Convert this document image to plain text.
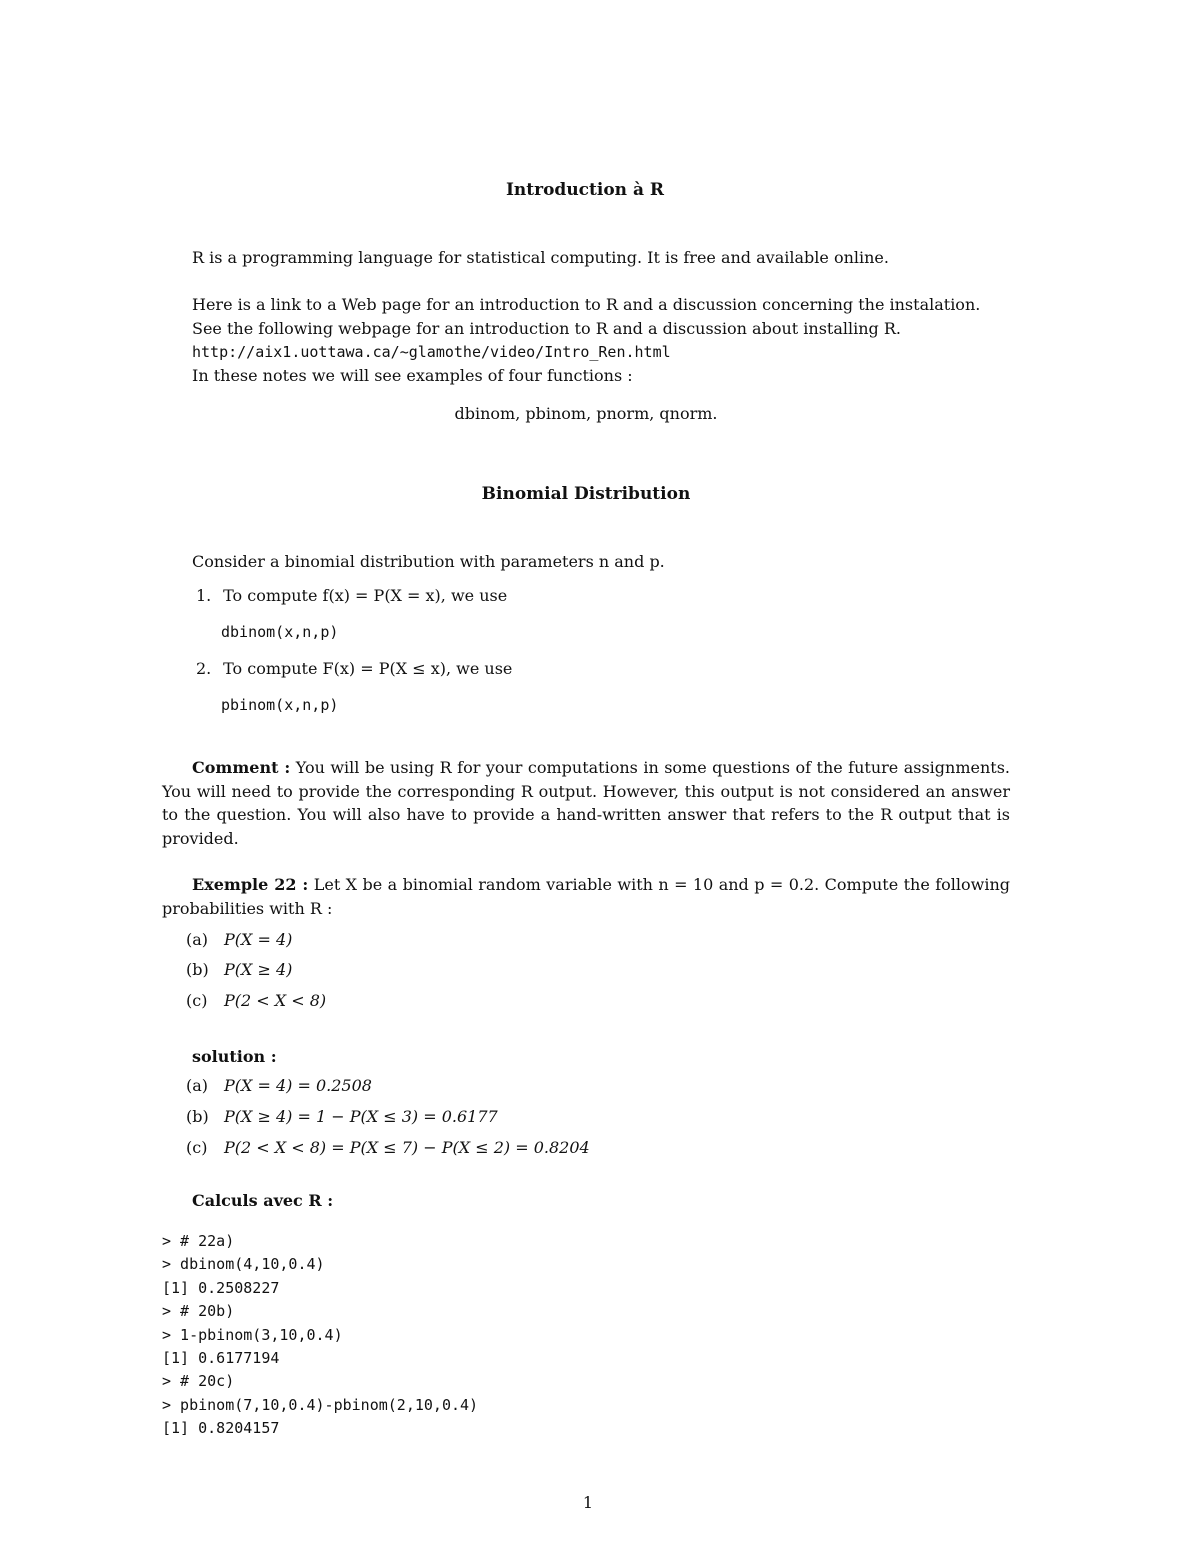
Introduction à R
R is a programming language for statistical computing. It is free and available online.
Here is a link to a Web page for an introduction to R and a discussion concerning the instalation.
See the following webpage for an introduction to R and a discussion about installing R.
http://aix1.uottawa.ca/~glamothe/video/Intro_Ren.html
In these notes we will see examples of four functions :
dbinom, pbinom, pnorm, qnorm.
Binomial Distribution
Consider a binomial distribution with parameters n and p.
1. To compute f(x) = P(X = x), we use
dbinom(x,n,p)
2. To compute F(x) = P(X ≤ x), we use
pbinom(x,n,p)
Comment : You will be using R for your computations in some questions of the future assignments. You will need to provide the corresponding R output. However, this output is not considered an answer to the question. You will also have to provide a hand-written answer that refers to the R output that is provided.
Exemple 22 : Let X be a binomial random variable with n = 10 and p = 0.2. Compute the following probabilities with R :
(a) P(X = 4)
(b) P(X ≥ 4)
(c) P(2 < X < 8)
solution :
(a) P(X = 4) = 0.2508
(b) P(X ≥ 4) = 1 − P(X ≤ 3) = 0.6177
(c) P(2 < X < 8) = P(X ≤ 7) − P(X ≤ 2) = 0.8204
Calculs avec R :
> # 22a)
> dbinom(4,10,0.4)
[1] 0.2508227
> # 20b)
> 1-pbinom(3,10,0.4)
[1] 0.6177194
> # 20c)
> pbinom(7,10,0.4)-pbinom(2,10,0.4)
[1] 0.8204157
1
